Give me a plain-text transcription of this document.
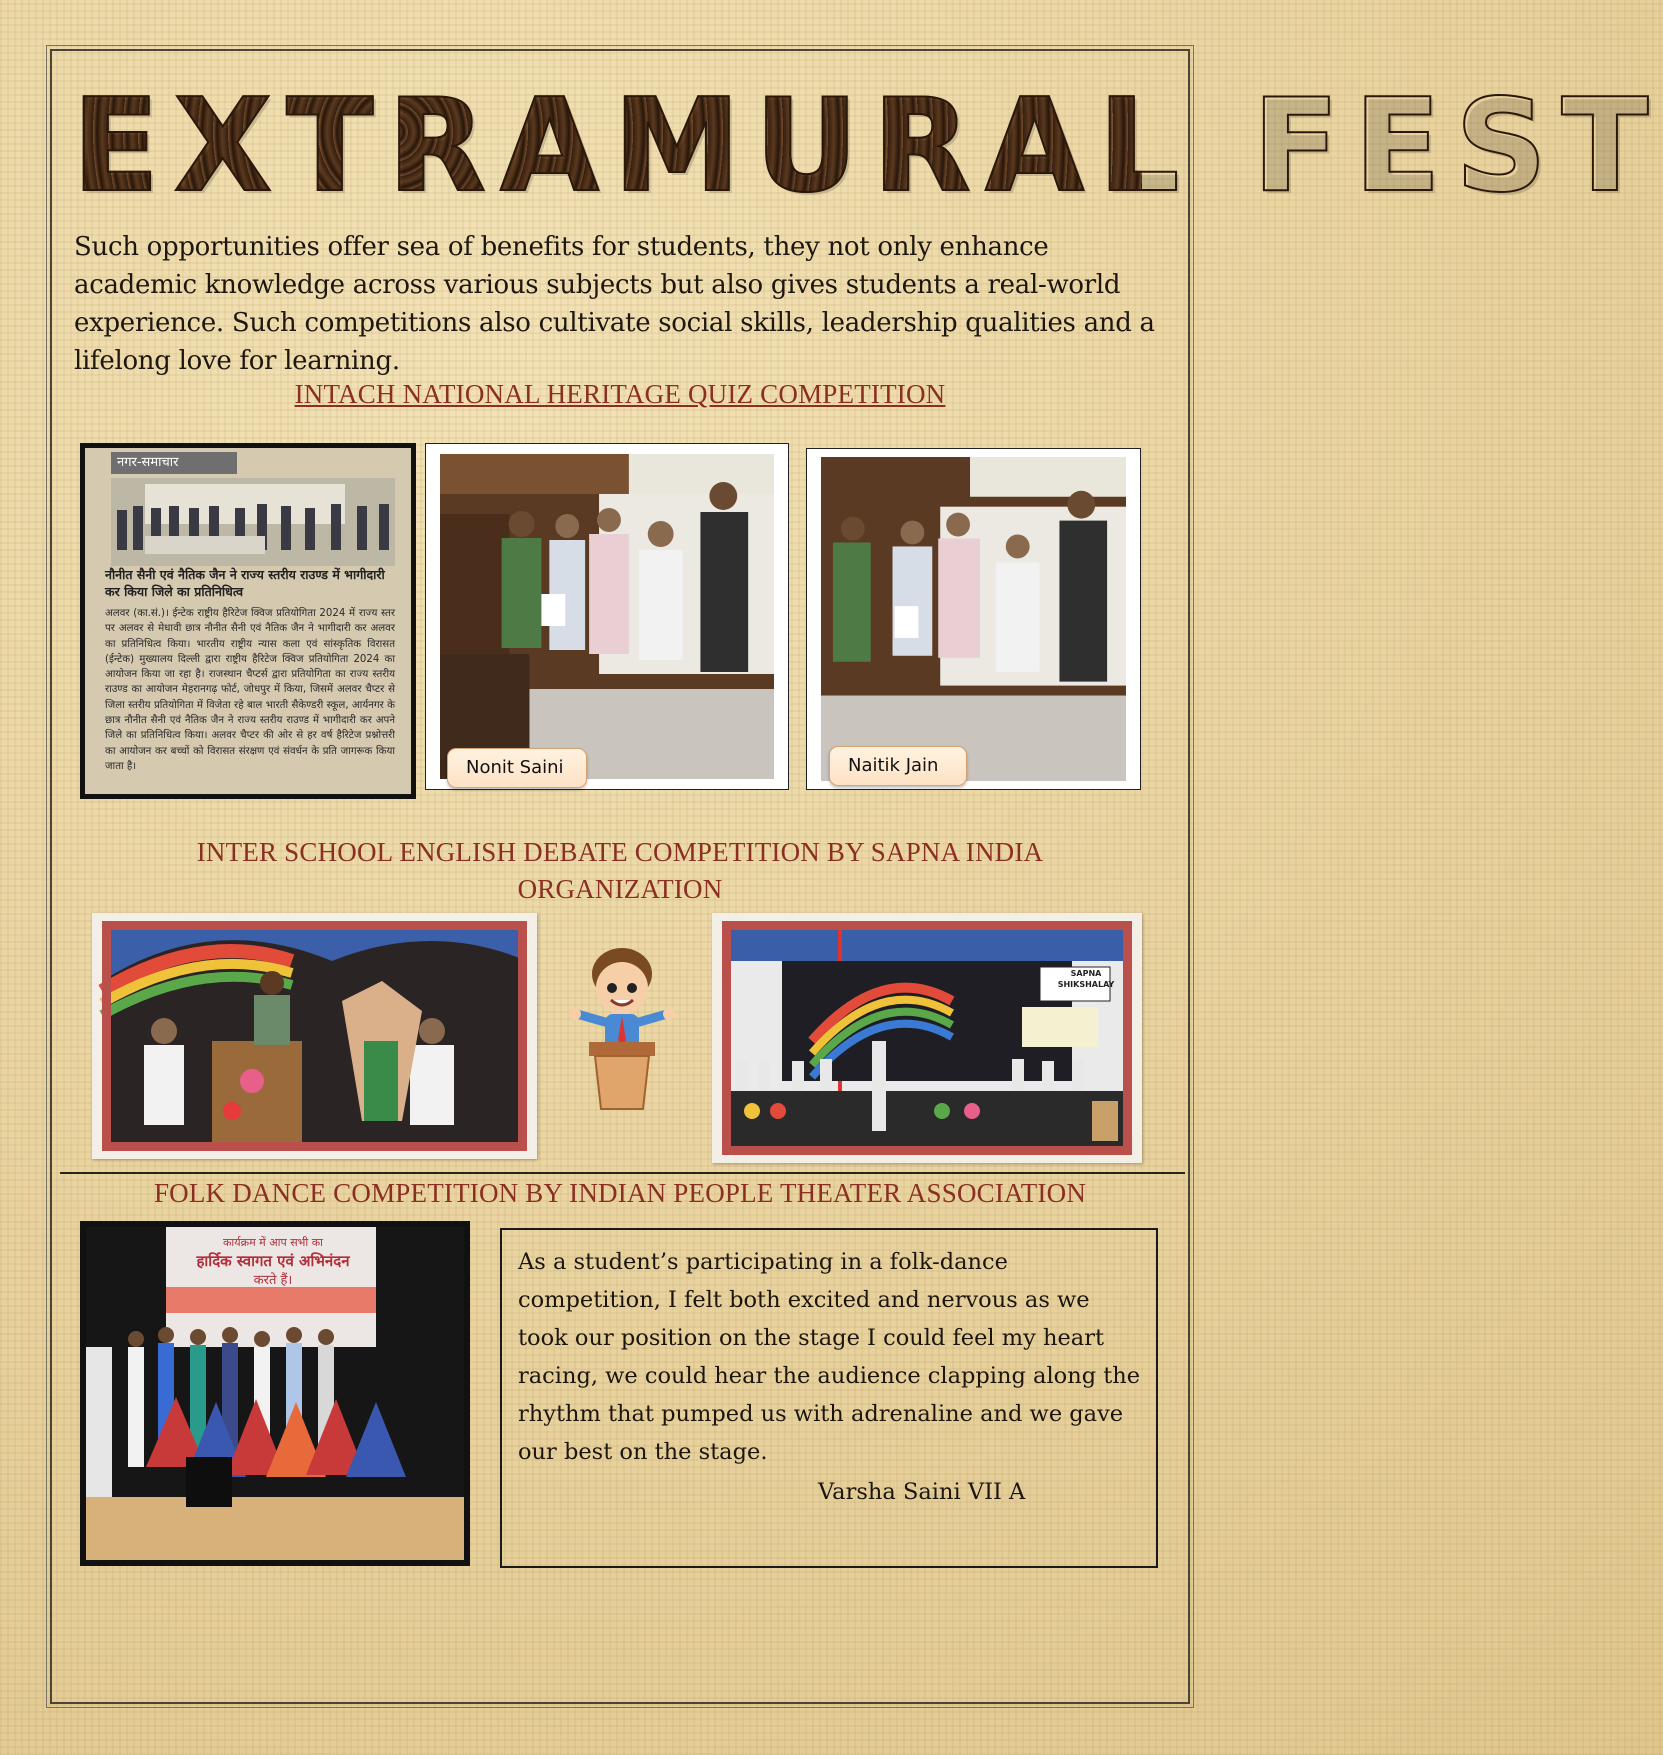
EXTRAMURAL FEST

Such opportunities offer sea of benefits for students, they not only enhance academic knowledge across various subjects but also gives students a real-world experience. Such competitions also cultivate social skills, leadership qualities and a lifelong love for learning.

INTACH NATIONAL HERITAGE QUIZ COMPETITION
नगर-समाचार
नौनीत सैनी एवं नैतिक जैन ने राज्य स्तरीय राउण्ड में भागीदारी कर किया जिले का प्रतिनिधित्व
अलवर (का.सं.)। ईन्टेक राष्ट्रीय हैरिटेज क्विज प्रतियोगिता 2024 में राज्य स्तर पर अलवर से मेधावी छात्र नौनीत सैनी एवं नैतिक जैन ने भागीदारी कर अलवर का प्रतिनिधित्व किया। भारतीय राष्ट्रीय न्यास कला एवं सांस्कृतिक विरासत (ईन्टेक) मुख्यालय दिल्ली द्वारा राष्ट्रीय हैरिटेज क्विज प्रतियोगिता 2024 का आयोजन किया जा रहा है। राजस्थान चैप्टर्स द्वारा प्रतियोगिता का राज्य स्तरीय राउण्ड का आयोजन मेहरानगढ़ फोर्ट, जोधपुर में किया, जिसमें अलवर चैप्टर से जिला स्तरीय प्रतियोगिता में विजेता रहे बाल भारती सैकेण्डरी स्कूल, आर्यनगर के छात्र नौनीत सैनी एवं नैतिक जैन ने राज्य स्तरीय राउण्ड में भागीदारी कर अपने जिले का प्रतिनिधित्व किया। अलवर चैप्टर की ओर से हर वर्ष हैरिटेज प्रश्नोत्तरी का आयोजन कर बच्चों को विरासत संरक्षण एवं संवर्धन के प्रति जागरूक किया जाता है।	Nonit Saini	Naitik Jain
INTER SCHOOL ENGLISH DEBATE COMPETITION BY SAPNA INDIA ORGANIZATION
SAPNA
SHIKSHALAY
FOLK DANCE COMPETITION BY INDIAN PEOPLE THEATER ASSOCIATION
कार्यक्रम में आप सभी का
हार्दिक स्वागत एवं अभिनंदन
करते हैं।

As a student’s participating in a folk-dance competition, I felt both excited and nervous as we took our position on the stage I could feel my heart racing, we could hear the audience clapping along the rhythm that pumped us with adrenaline and we gave our best on the stage.

Varsha Saini VII A
